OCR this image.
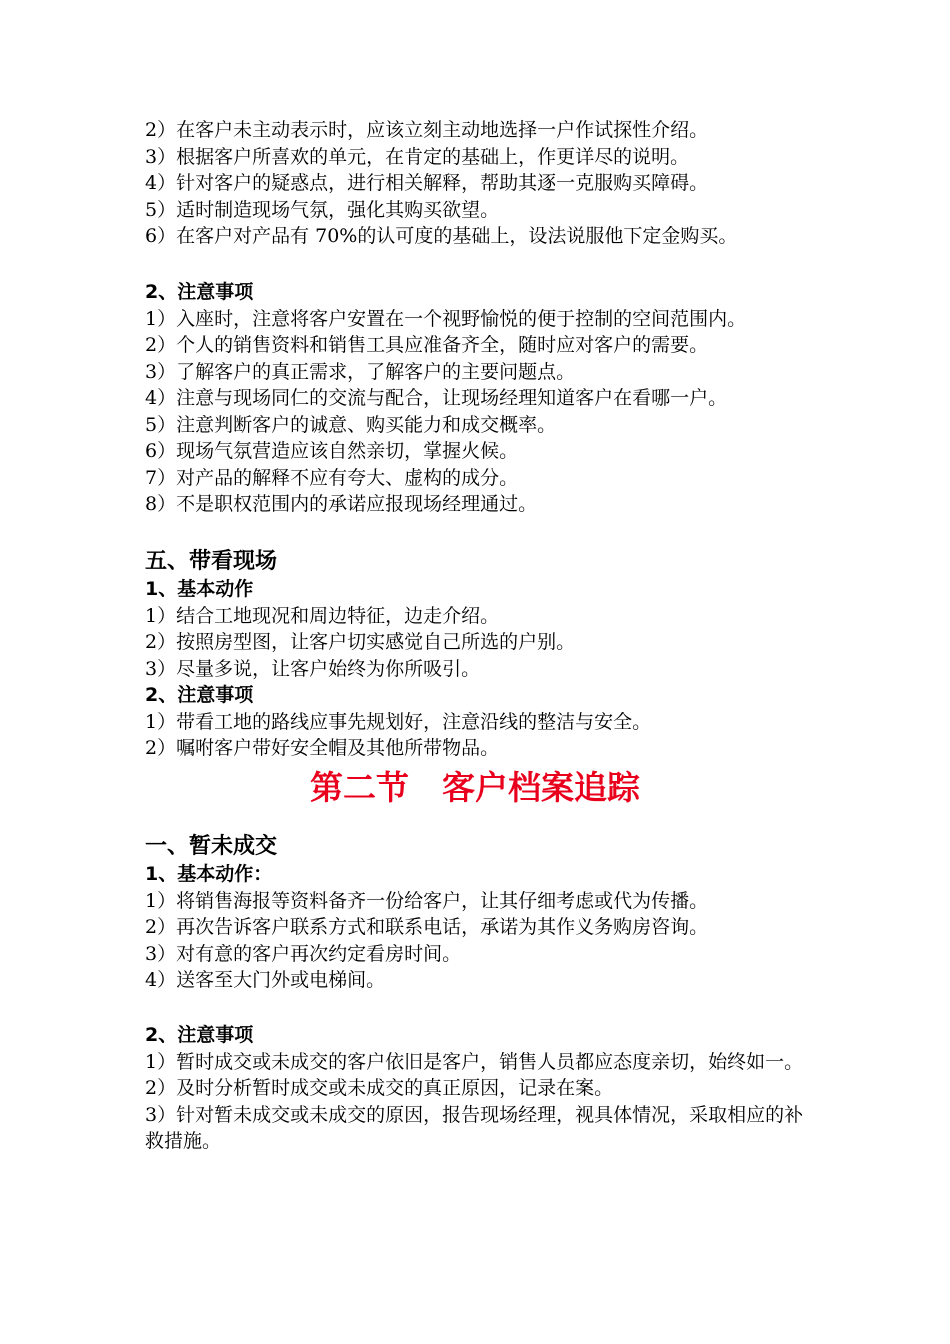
2）在客户未主动表示时，应该立刻主动地选择一户作试探性介绍。
3）根据客户所喜欢的单元，在肯定的基础上，作更详尽的说明。
4）针对客户的疑惑点，进行相关解释，帮助其逐一克服购买障碍。
5）适时制造现场气氛，强化其购买欲望。
6）在客户对产品有 70%的认可度的基础上，设法说服他下定金购买。
2、注意事项
1）入座时，注意将客户安置在一个视野愉悦的便于控制的空间范围内。
2）个人的销售资料和销售工具应准备齐全，随时应对客户的需要。
3）了解客户的真正需求，了解客户的主要问题点。
4）注意与现场同仁的交流与配合，让现场经理知道客户在看哪一户。
5）注意判断客户的诚意、购买能力和成交概率。
6）现场气氛营造应该自然亲切，掌握火候。
7）对产品的解释不应有夸大、虚构的成分。
8）不是职权范围内的承诺应报现场经理通过。
五、带看现场
1、基本动作
1）结合工地现况和周边特征，边走介绍。
2）按照房型图，让客户切实感觉自己所选的户别。
3）尽量多说，让客户始终为你所吸引。
2、注意事项
1）带看工地的路线应事先规划好，注意沿线的整洁与安全。
2）嘱咐客户带好安全帽及其他所带物品。
第二节　客户档案追踪
一、暂未成交
1、基本动作：
1）将销售海报等资料备齐一份给客户，让其仔细考虑或代为传播。
2）再次告诉客户联系方式和联系电话，承诺为其作义务购房咨询。
3）对有意的客户再次约定看房时间。
4）送客至大门外或电梯间。
2、注意事项
1）暂时成交或未成交的客户依旧是客户，销售人员都应态度亲切，始终如一。
2）及时分析暂时成交或未成交的真正原因，记录在案。
3）针对暂未成交或未成交的原因，报告现场经理，视具体情况，采取相应的补救措施。
